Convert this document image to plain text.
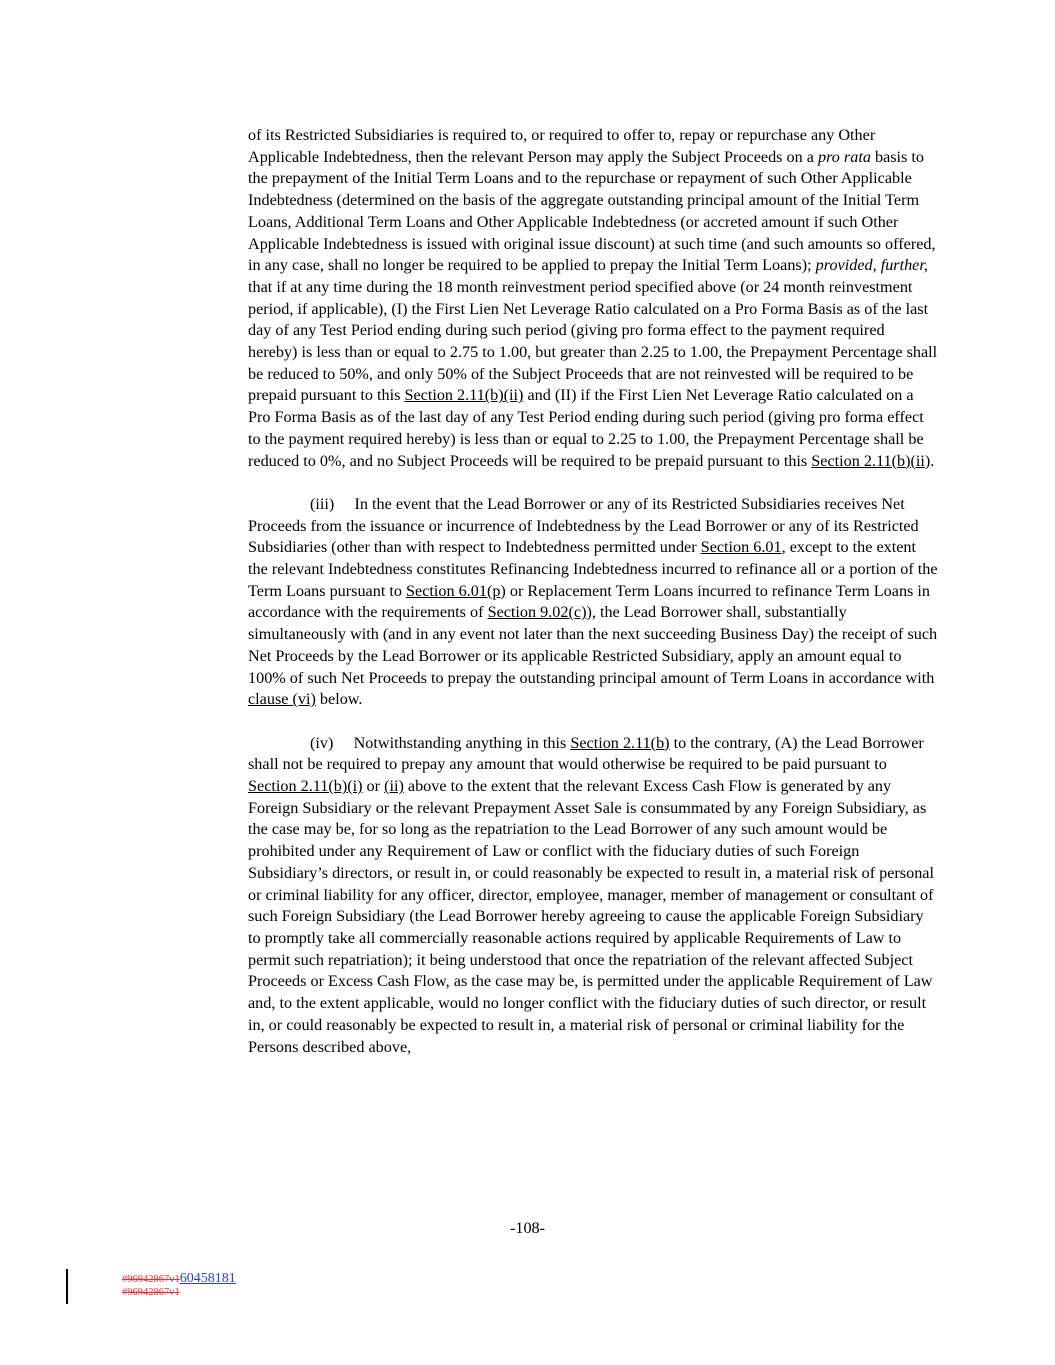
of its Restricted Subsidiaries is required to, or required to offer to, repay or repurchase any Other Applicable Indebtedness, then the relevant Person may apply the Subject Proceeds on a pro rata basis to the prepayment of the Initial Term Loans and to the repurchase or repayment of such Other Applicable Indebtedness (determined on the basis of the aggregate outstanding principal amount of the Initial Term Loans, Additional Term Loans and Other Applicable Indebtedness (or accreted amount if such Other Applicable Indebtedness is issued with original issue discount) at such time (and such amounts so offered, in any case, shall no longer be required to be applied to prepay the Initial Term Loans); provided, further, that if at any time during the 18 month reinvestment period specified above (or 24 month reinvestment period, if applicable), (I) the First Lien Net Leverage Ratio calculated on a Pro Forma Basis as of the last day of any Test Period ending during such period (giving pro forma effect to the payment required hereby) is less than or equal to 2.75 to 1.00, but greater than 2.25 to 1.00, the Prepayment Percentage shall be reduced to 50%, and only 50% of the Subject Proceeds that are not reinvested will be required to be prepaid pursuant to this Section 2.11(b)(ii) and (II) if the First Lien Net Leverage Ratio calculated on a Pro Forma Basis as of the last day of any Test Period ending during such period (giving pro forma effect to the payment required hereby) is less than or equal to 2.25 to 1.00, the Prepayment Percentage shall be reduced to 0%, and no Subject Proceeds will be required to be prepaid pursuant to this Section 2.11(b)(ii).

(iii)  In the event that the Lead Borrower or any of its Restricted Subsidiaries receives Net Proceeds from the issuance or incurrence of Indebtedness by the Lead Borrower or any of its Restricted Subsidiaries (other than with respect to Indebtedness permitted under Section 6.01, except to the extent the relevant Indebtedness constitutes Refinancing Indebtedness incurred to refinance all or a portion of the Term Loans pursuant to Section 6.01(p) or Replacement Term Loans incurred to refinance Term Loans in accordance with the requirements of Section 9.02(c)), the Lead Borrower shall, substantially simultaneously with (and in any event not later than the next succeeding Business Day) the receipt of such Net Proceeds by the Lead Borrower or its applicable Restricted Subsidiary, apply an amount equal to 100% of such Net Proceeds to prepay the outstanding principal amount of Term Loans in accordance with clause (vi) below.

(iv)  Notwithstanding anything in this Section 2.11(b) to the contrary, (A) the Lead Borrower shall not be required to prepay any amount that would otherwise be required to be paid pursuant to Section 2.11(b)(i) or (ii) above to the extent that the relevant Excess Cash Flow is generated by any Foreign Subsidiary or the relevant Prepayment Asset Sale is consummated by any Foreign Subsidiary, as the case may be, for so long as the repatriation to the Lead Borrower of any such amount would be prohibited under any Requirement of Law or conflict with the fiduciary duties of such Foreign Subsidiary’s directors, or result in, or could reasonably be expected to result in, a material risk of personal or criminal liability for any officer, director, employee, manager, member of management or consultant of such Foreign Subsidiary (the Lead Borrower hereby agreeing to cause the applicable Foreign Subsidiary to promptly take all commercially reasonable actions required by applicable Requirements of Law to permit such repatriation); it being understood that once the repatriation of the relevant affected Subject Proceeds or Excess Cash Flow, as the case may be, is permitted under the applicable Requirement of Law and, to the extent applicable, would no longer conflict with the fiduciary duties of such director, or result in, or could reasonably be expected to result in, a material risk of personal or criminal liability for the Persons described above,

-108-
#96942867v160458181
#96942867v1
